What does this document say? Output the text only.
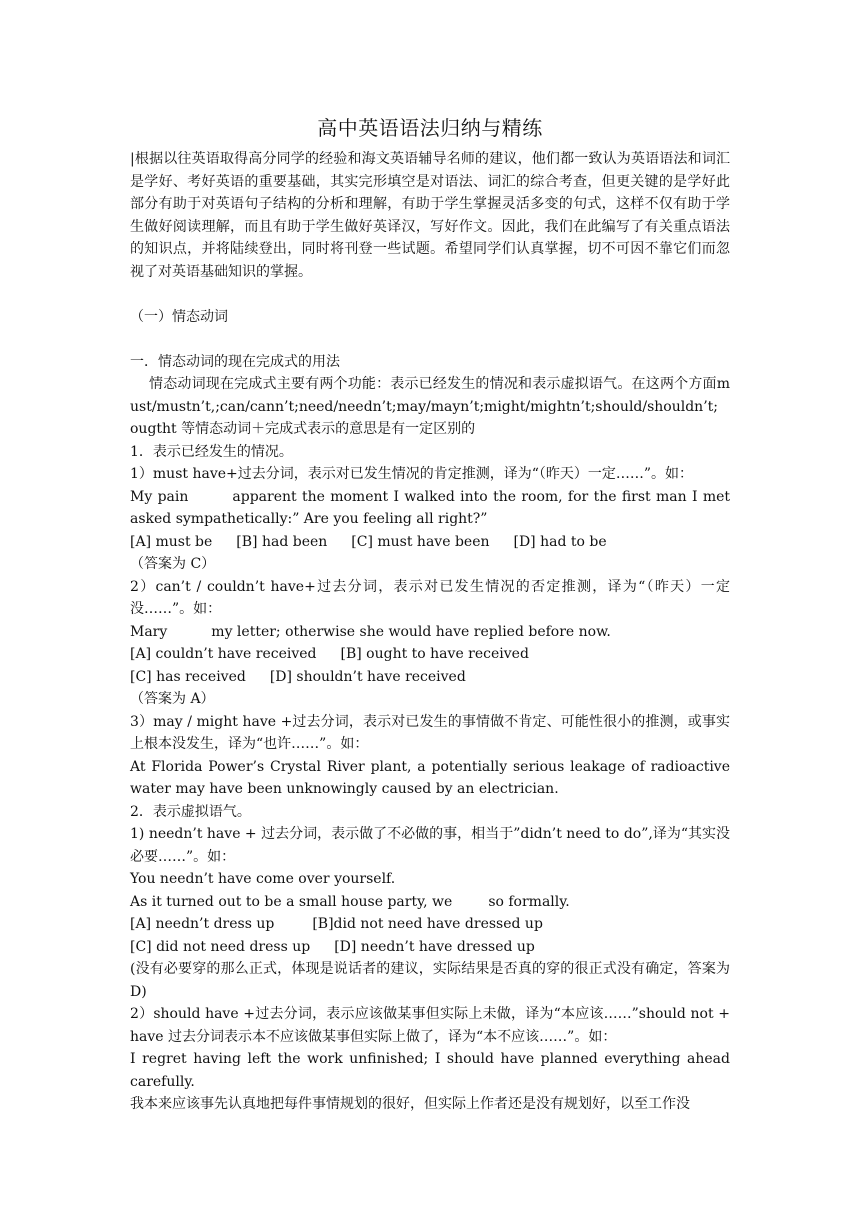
高中英语语法归纳与精练

|根据以往英语取得高分同学的经验和海文英语辅导名师的建议，他们都一致认为英语语法和词汇是学好、考好英语的重要基础，其实完形填空是对语法、词汇的综合考查，但更关键的是学好此部分有助于对英语句子结构的分析和理解，有助于学生掌握灵活多变的句式，这样不仅有助于学生做好阅读理解，而且有助于学生做好英译汉，写好作文。因此，我们在此编写了有关重点语法的知识点，并将陆续登出，同时将刊登一些试题。希望同学们认真掌握，切不可因不靠它们而忽视了对英语基础知识的掌握。

（一）情态动词

一．情态动词的现在完成式的用法

情态动词现在完成式主要有两个功能：表示已经发生的情况和表示虚拟语气。在这两个方面must/mustn’t,;can/cann’t;need/needn’t;may/mayn’t;might/mightn’t;should/shouldn’t;

ougtht 等情态动词＋完成式表示的意思是有一定区别的

1．表示已经发生的情况。

1）must have+过去分词，表示对已发生情况的肯定推测，译为“（昨天）一定……”。如：

My pain	apparent the moment I walked into the room, for the first man I met asked sympathetically:” Are you feeling all right?”

[A] must be [B] had been [C] must have been [D] had to be

（答案为 C）

2）can’t / couldn’t have+过去分词，表示对已发生情况的否定推测，译为“（昨天）一定没……”。如：

Mary	my letter; otherwise she would have replied before now.

[A] couldn’t have received [B] ought to have received

[C] has received [D] shouldn’t have received

（答案为 A）

3）may / might have +过去分词，表示对已发生的事情做不肯定、可能性很小的推测，或事实上根本没发生，译为“也许……”。如：

At Florida Power’s Crystal River plant, a potentially serious leakage of radioactive water may have been unknowingly caused by an electrician.

2．表示虚拟语气。

1) needn’t have + 过去分词，表示做了不必做的事，相当于”didn’t need to do”,译为“其实没必要……”。如：

You needn’t have come over yourself.

As it turned out to be a small house party, we	so formally.

[A] needn’t dress up	[B]did not need have dressed up

[C] did not need dress up [D] needn’t have dressed up

(没有必要穿的那么正式，体现是说话者的建议，实际结果是否真的穿的很正式没有确定，答案为 D)

2）should have +过去分词，表示应该做某事但实际上未做，译为“本应该……”should not + have 过去分词表示本不应该做某事但实际上做了，译为“本不应该……”。如：

I regret having left the work unfinished; I should have planned everything ahead carefully.

我本来应该事先认真地把每件事情规划的很好，但实际上作者还是没有规划好，以至工作没
